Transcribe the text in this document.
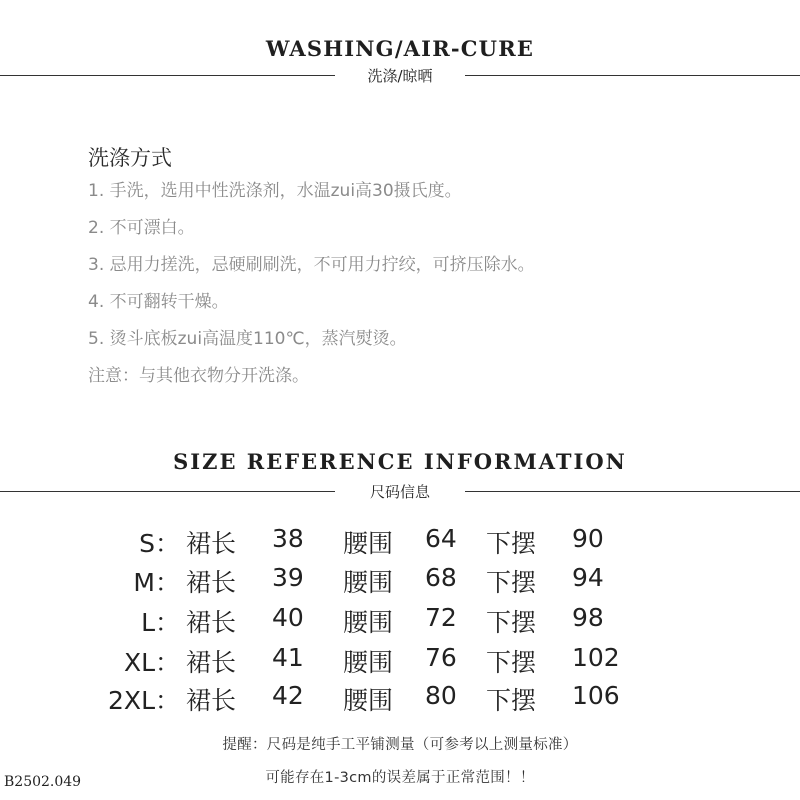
WASHING/AIR-CURE
洗涤/晾晒
洗涤方式
1. 手洗，选用中性洗涤剂，水温zui高30摄氏度。
2. 不可漂白。
3. 忌用力搓洗，忌硬刷刷洗，不可用力拧绞，可挤压除水。
4. 不可翻转干燥。
5. 烫斗底板zui高温度110℃，蒸汽熨烫。
注意：与其他衣物分开洗涤。
SIZE REFERENCE INFORMATION
尺码信息
S： 裙长 38 腰围 64 下摆 90
M： 裙长 39 腰围 68 下摆 94
L： 裙长 40 腰围 72 下摆 98
XL： 裙长 41 腰围 76 下摆 102
2XL： 裙长 42 腰围 80 下摆 106
提醒：尺码是纯手工平铺测量（可参考以上测量标准）
可能存在1-3cm的误差属于正常范围！！
B2502.049
